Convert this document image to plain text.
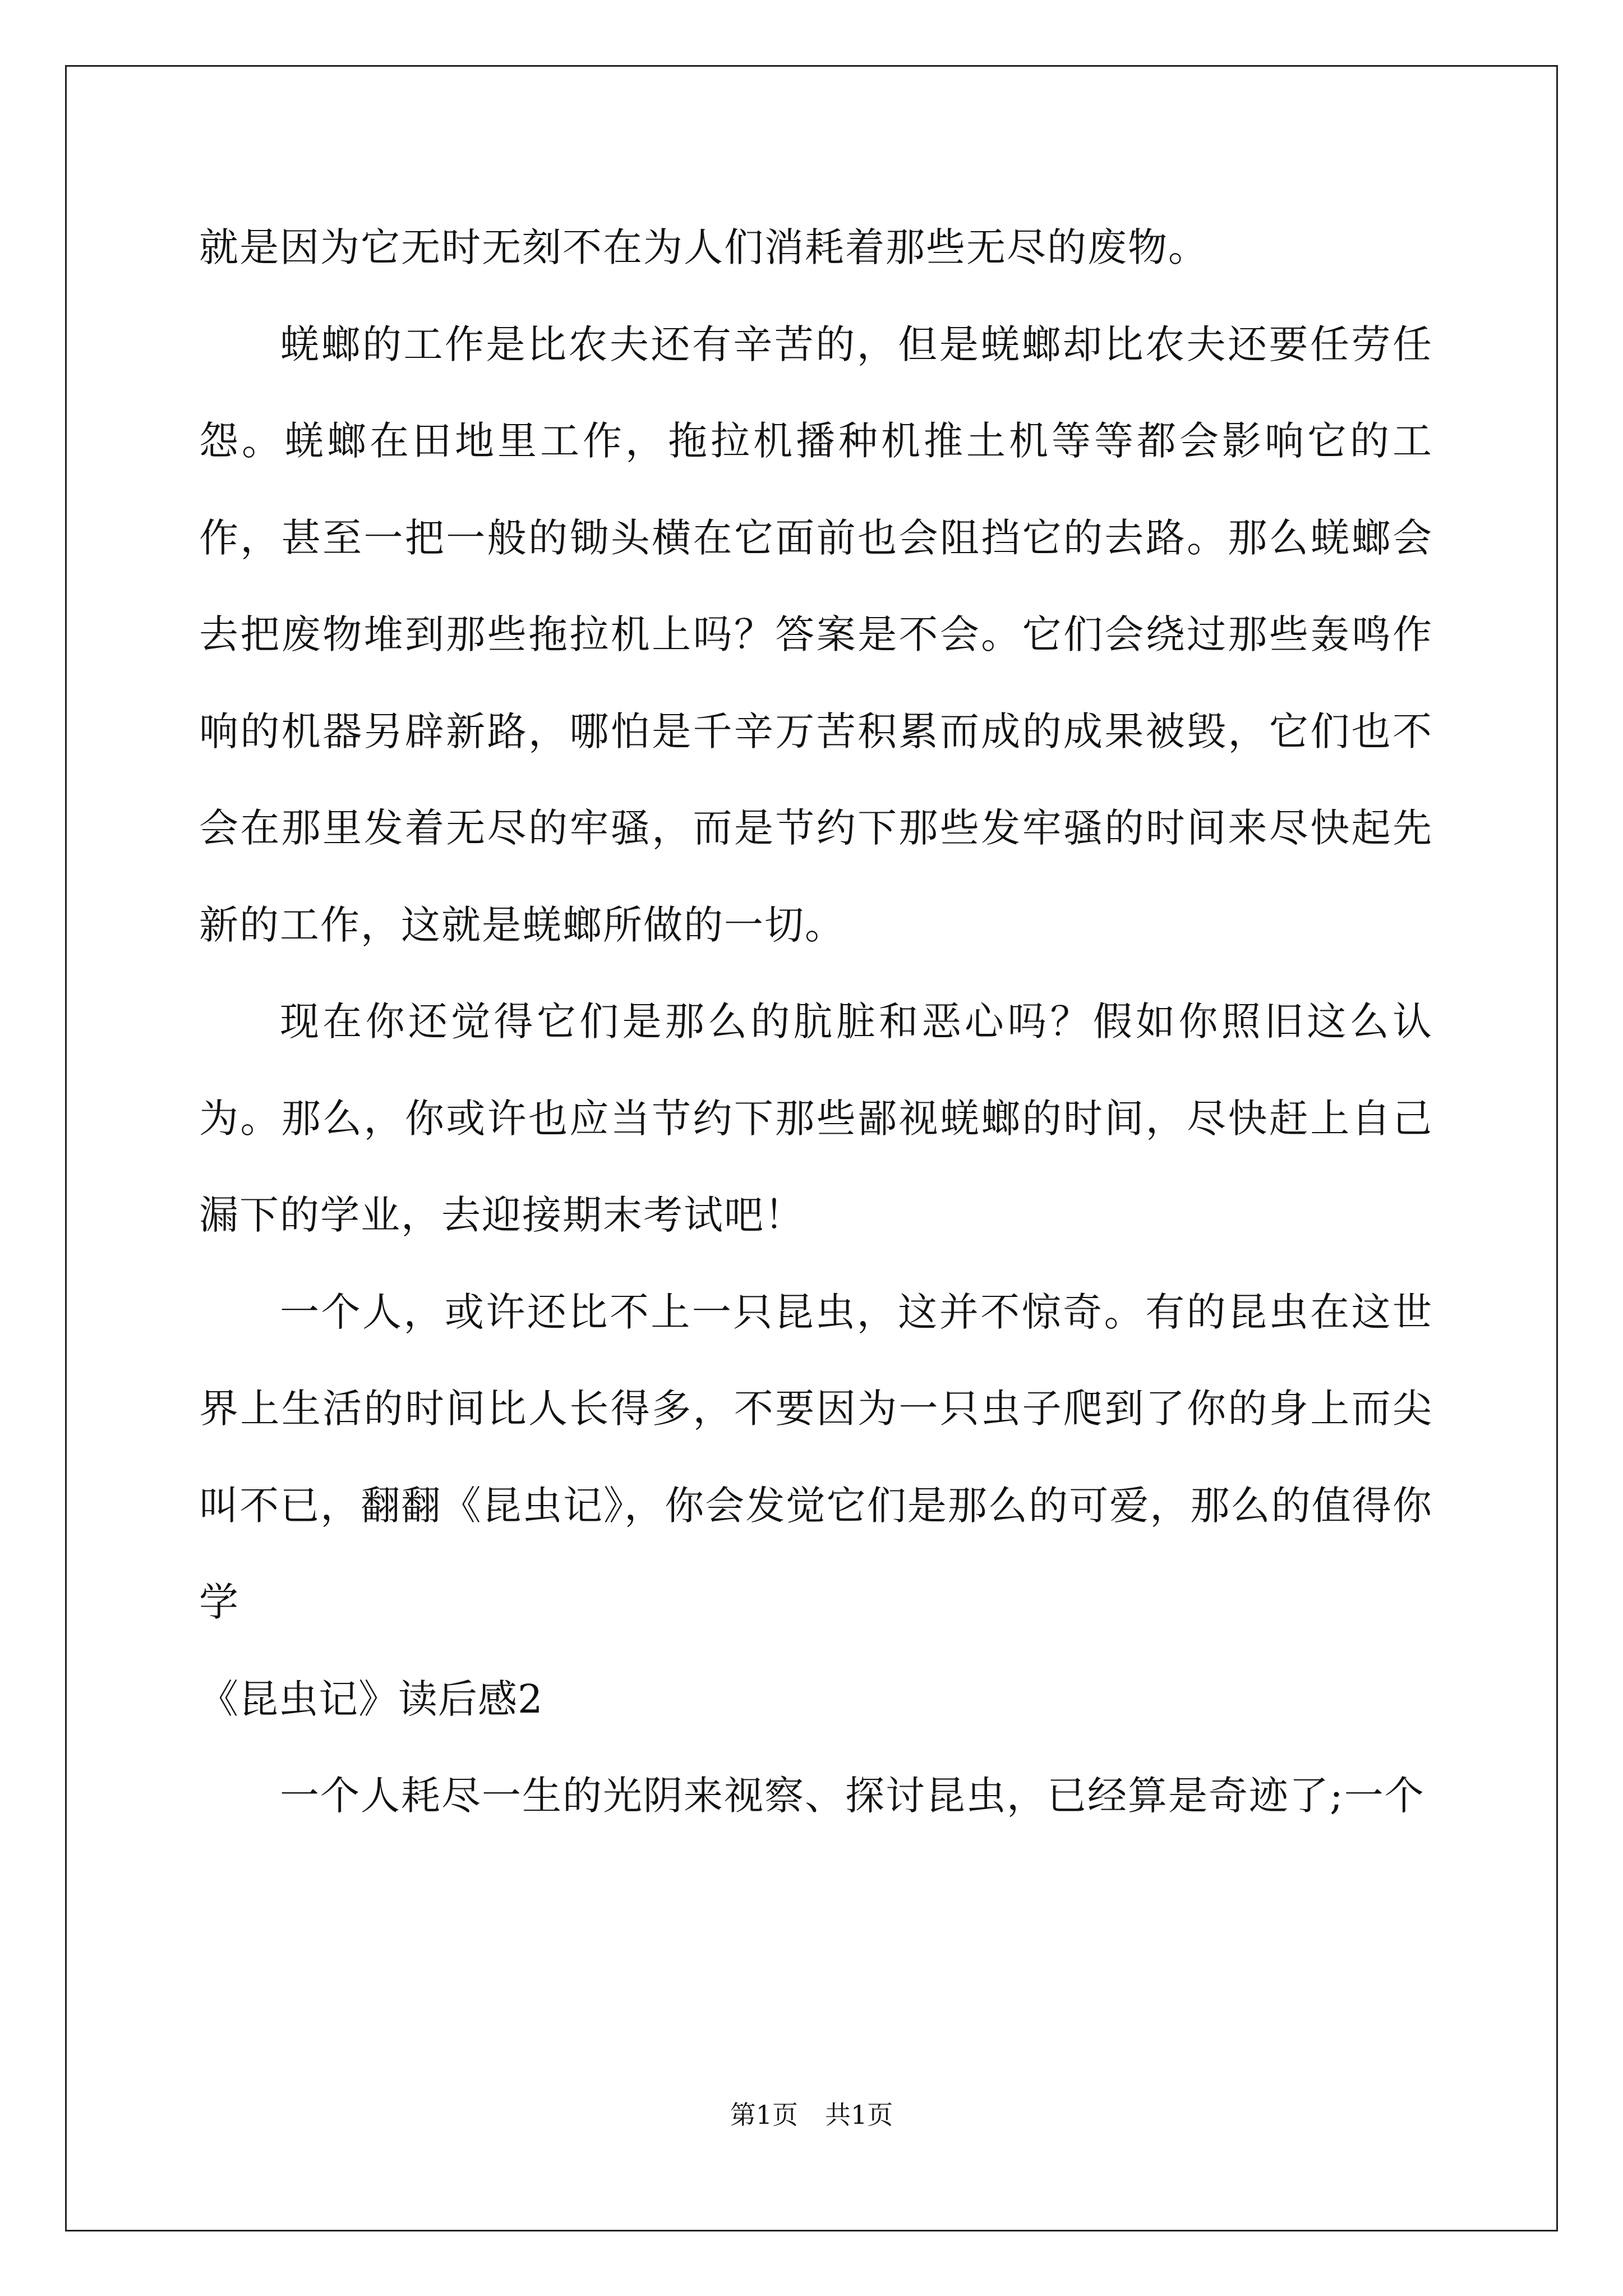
就是因为它无时无刻不在为人们消耗着那些无尽的废物。

蜣螂的工作是比农夫还有辛苦的，但是蜣螂却比农夫还要任劳任怨。蜣螂在田地里工作，拖拉机播种机推土机等等都会影响它的工作，甚至一把一般的锄头横在它面前也会阻挡它的去路。那么蜣螂会去把废物堆到那些拖拉机上吗？答案是不会。它们会绕过那些轰鸣作响的机器另辟新路，哪怕是千辛万苦积累而成的成果被毁，它们也不会在那里发着无尽的牢骚，而是节约下那些发牢骚的时间来尽快起先新的工作，这就是蜣螂所做的一切。

现在你还觉得它们是那么的肮脏和恶心吗？假如你照旧这么认为。那么，你或许也应当节约下那些鄙视蜣螂的时间，尽快赶上自己漏下的学业，去迎接期末考试吧！

一个人，或许还比不上一只昆虫，这并不惊奇。有的昆虫在这世界上生活的时间比人长得多，不要因为一只虫子爬到了你的身上而尖叫不已，翻翻《昆虫记》，你会发觉它们是那么的可爱，那么的值得你学

《昆虫记》读后感2

一个人耗尽一生的光阴来视察、探讨昆虫，已经算是奇迹了;一个

第1页 共1页
